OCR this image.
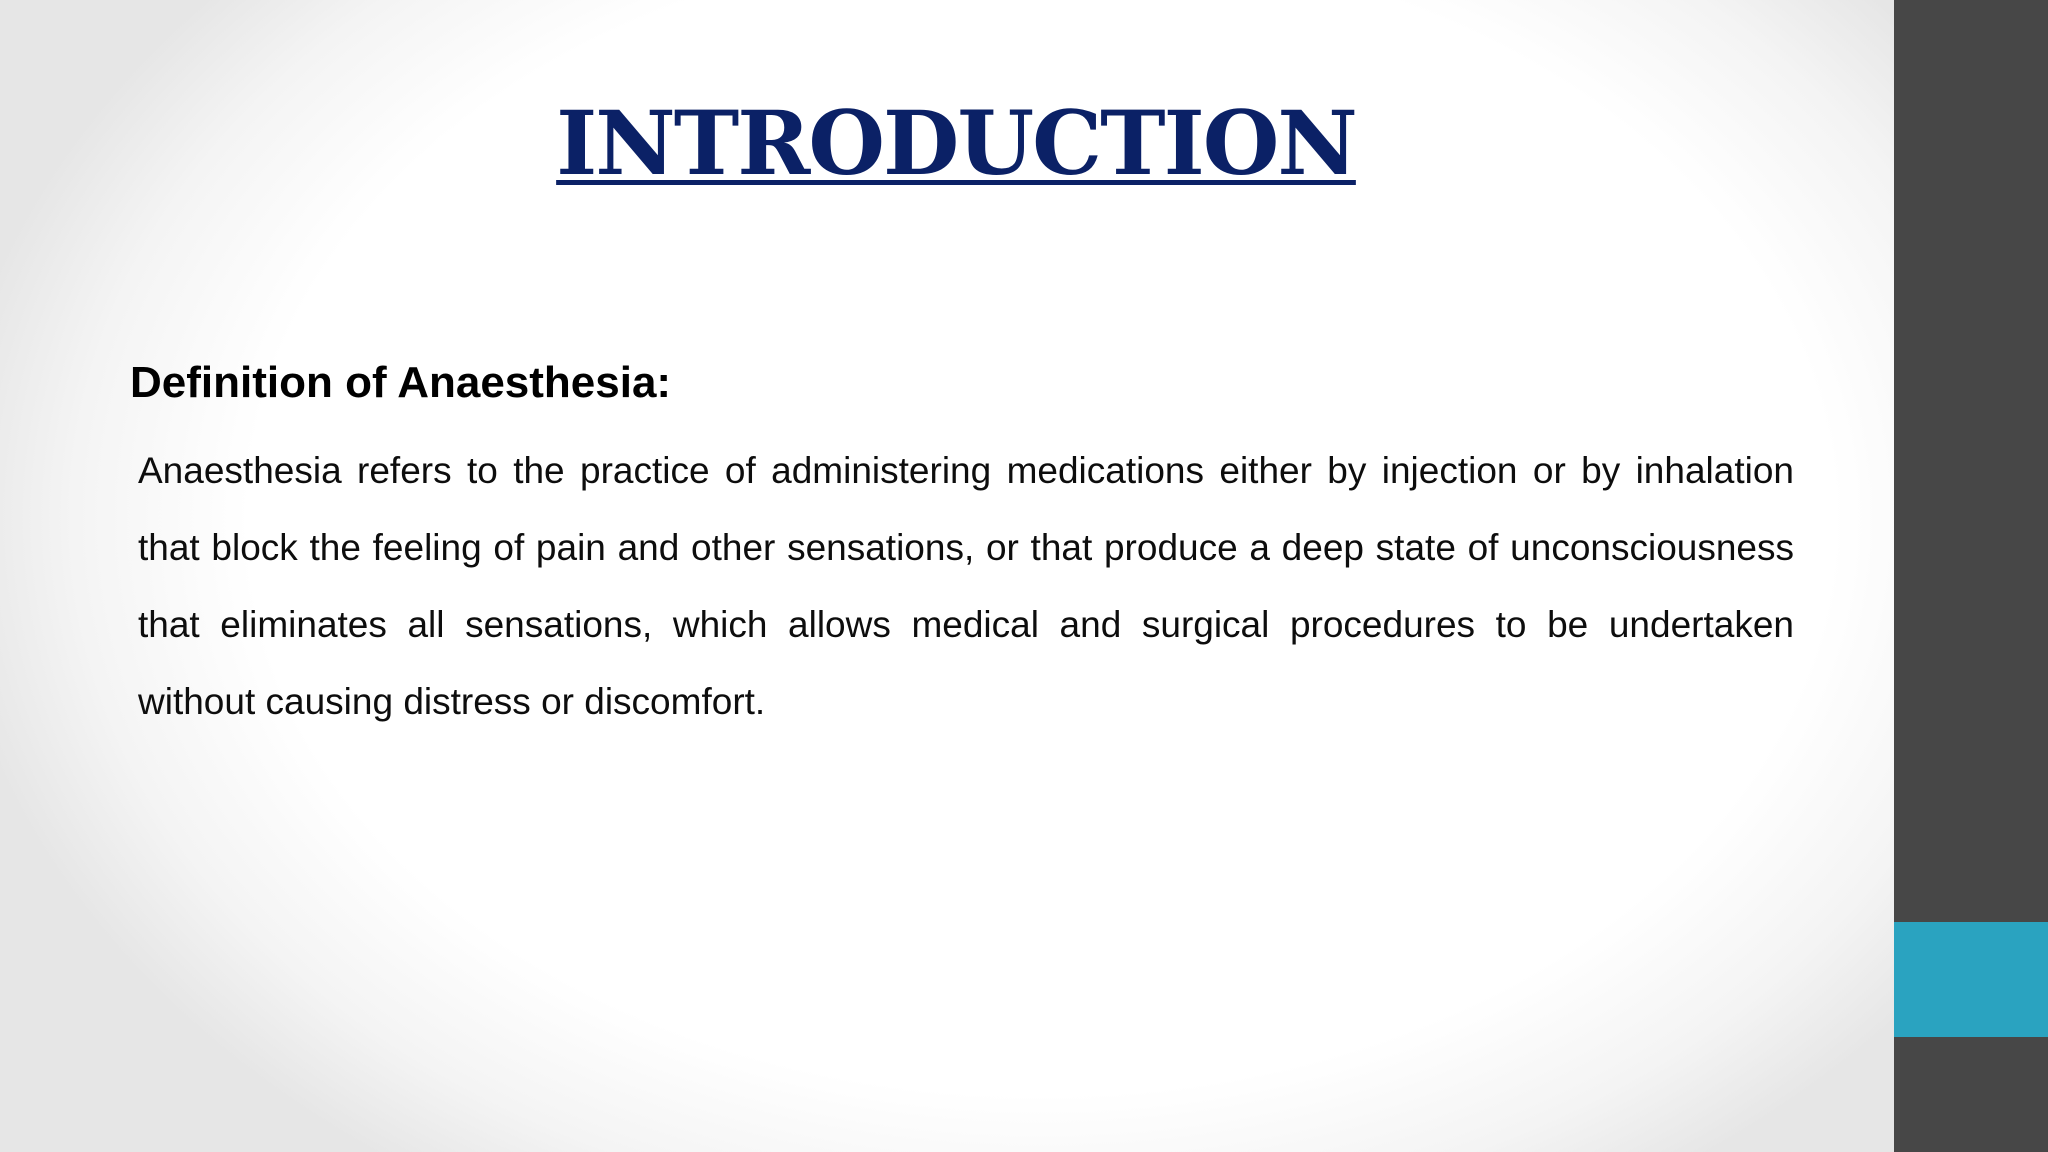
INTRODUCTION
Definition of Anaesthesia:

Anaesthesia refers to the practice of administering medications either by injection or by inhalation that block the feeling of pain and other sensations, or that produce a deep state of unconsciousness that eliminates all sensations, which allows medical and surgical procedures to be undertaken without causing distress or discomfort.
